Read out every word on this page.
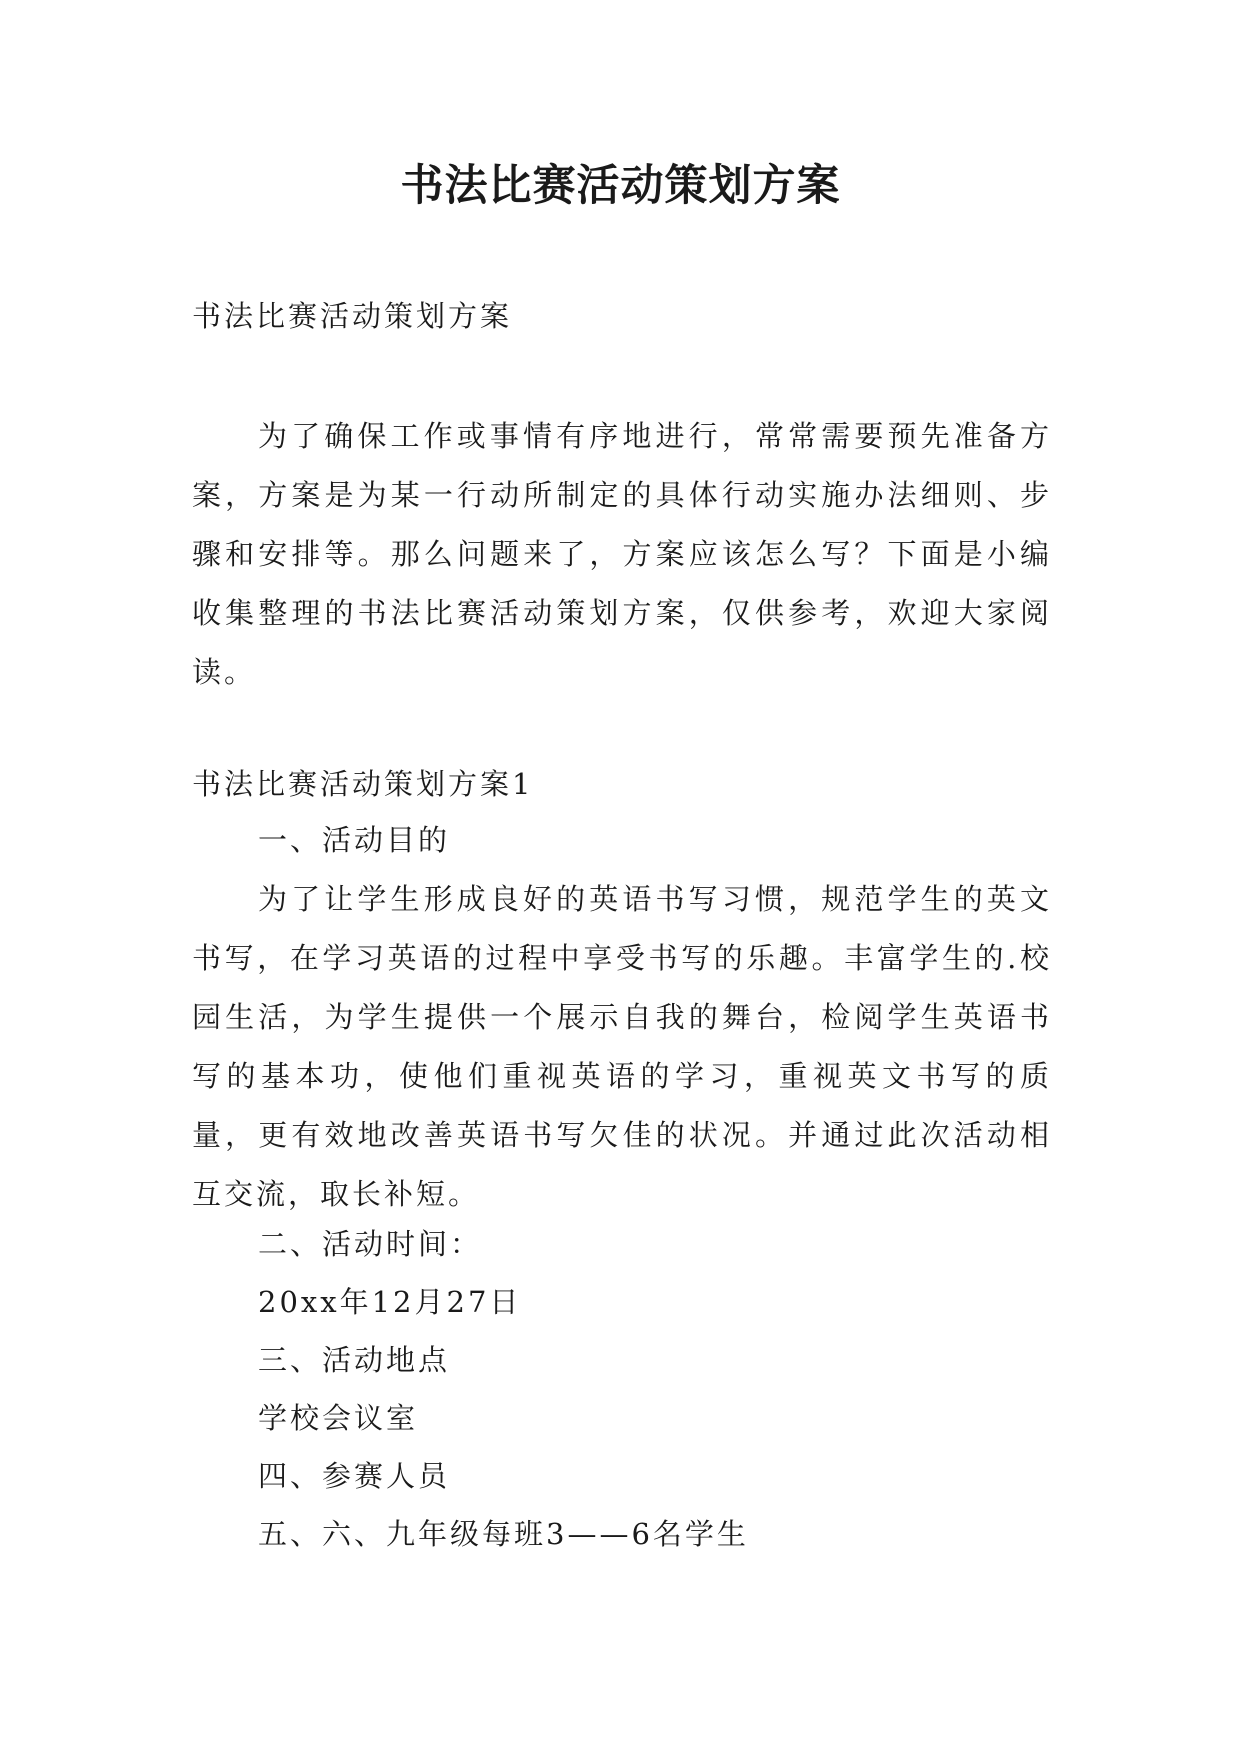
书法比赛活动策划方案

书法比赛活动策划方案

为了确保工作或事情有序地进行，常常需要预先准备方案，方案是为某一行动所制定的具体行动实施办法细则、步骤和安排等。那么问题来了，方案应该怎么写？下面是小编收集整理的书法比赛活动策划方案，仅供参考，欢迎大家阅读。

书法比赛活动策划方案1

一、活动目的

为了让学生形成良好的英语书写习惯，规范学生的英文书写，在学习英语的过程中享受书写的乐趣。丰富学生的.校园生活，为学生提供一个展示自我的舞台，检阅学生英语书写的基本功，使他们重视英语的学习，重视英文书写的质量，更有效地改善英语书写欠佳的状况。并通过此次活动相互交流，取长补短。

二、活动时间：

20xx年12月27日

三、活动地点

学校会议室

四、参赛人员

五、六、九年级每班3——6名学生
